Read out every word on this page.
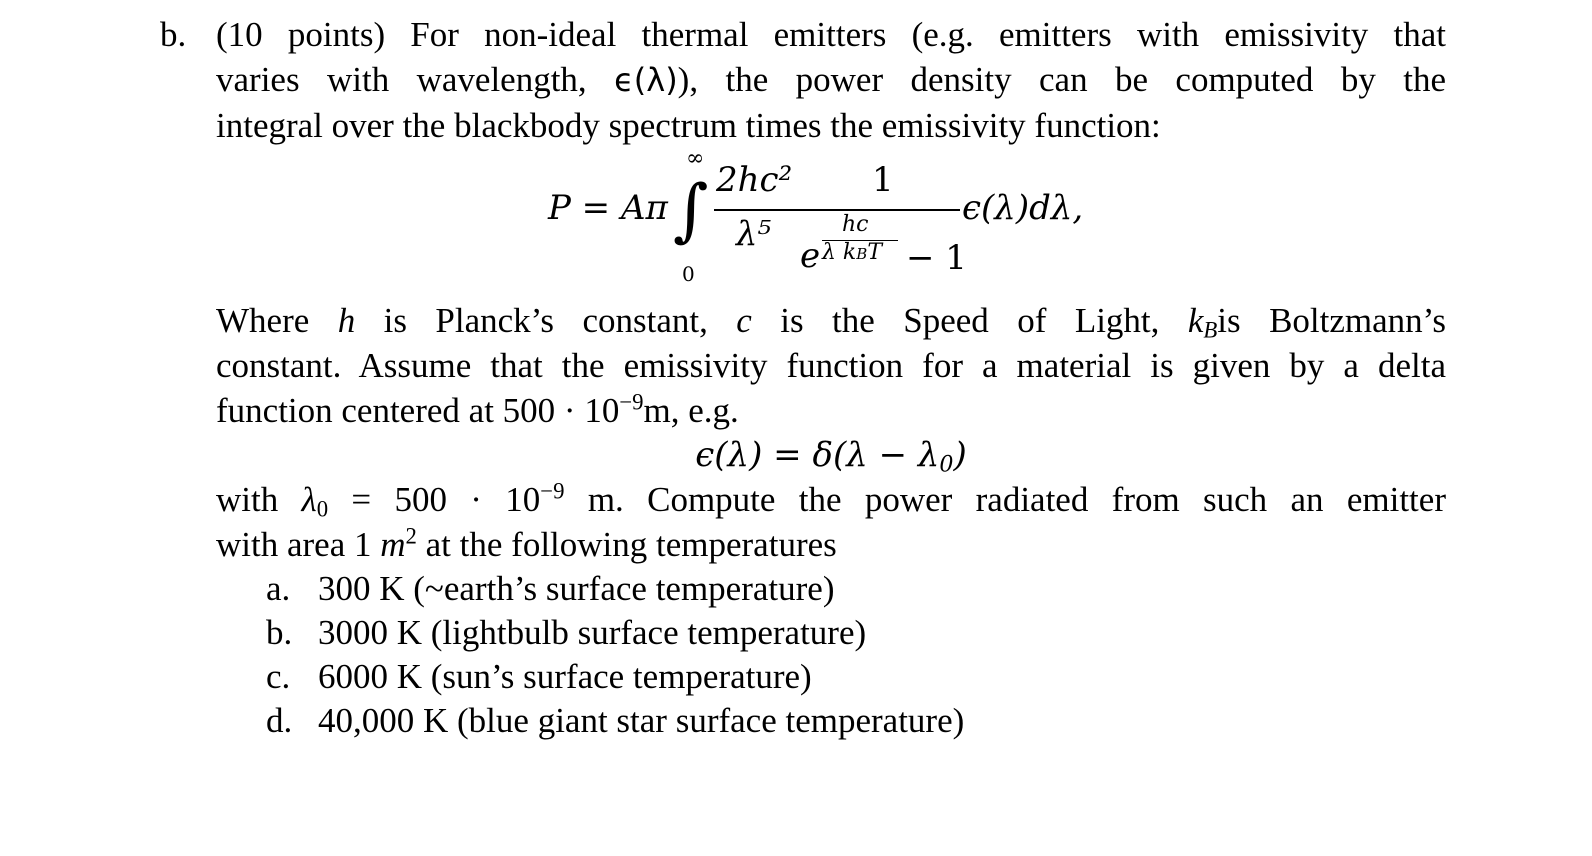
b. (10 points) For non-ideal thermal emitters (e.g. emitters with emissivity that
varies with wavelength, ϵ(λ)), the power density can be computed by the
integral over the blackbody spectrum times the emissivity function:
P = Aπ
∞
∫
0
2hc²
λ⁵
1
hc
e λ kBT − 1
ϵ(λ)dλ,
Where h is Planck’s constant, c is the Speed of Light, $k_Bis$ Boltzmann’s
constant. Assume that the emissivity function for a material is given by a delta
function centered at $500 \cdot 10^{-9}m$, e.g.
$\epsilon(\lambda) = \delta(\lambda - \lambda_0)$
with $\lambda_0 = 500 \cdot 10^{-9}$ m. Compute the power radiated from such an emitter
with area 1 $m^2$ at the following temperatures
a. 300 K (~earth’s surface temperature)
b. 3000 K (lightbulb surface temperature)
c. 6000 K (sun’s surface temperature)
d. 40,000 K (blue giant star surface temperature)
